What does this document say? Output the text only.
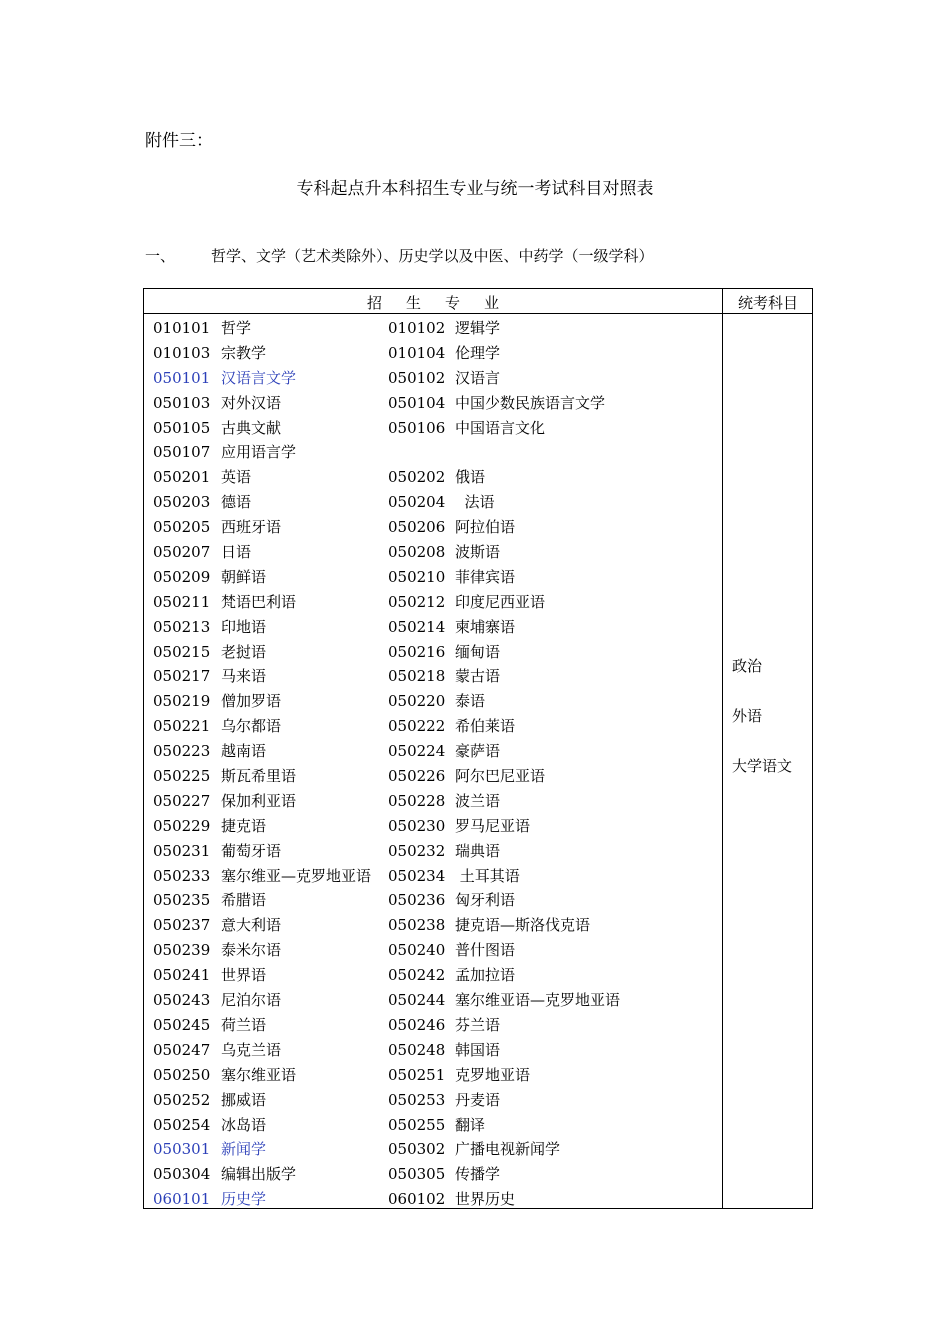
附件三：
专科起点升本科招生专业与统一考试科目对照表
一、 哲学、文学（艺术类除外）、历史学以及中医、中药学（一级学科）
招 生 专 业	统考科目
010101 哲学	010102 逻辑学
010103 宗教学	010104 伦理学
050101 汉语言文学	050102 汉语言
050103 对外汉语	050104 中国少数民族语言文学
050105 古典文献	050106 中国语言文化
050107 应用语言学
050201 英语	050202 俄语
050203 德语	050204 法语
050205 西班牙语	050206 阿拉伯语
050207 日语	050208 波斯语
050209 朝鲜语	050210 菲律宾语
050211 梵语巴利语	050212 印度尼西亚语
050213 印地语	050214 柬埔寨语
050215 老挝语	050216 缅甸语
050217 马来语	050218 蒙古语
050219 僧加罗语	050220 泰语
050221 乌尔都语	050222 希伯莱语
050223 越南语	050224 豪萨语
050225 斯瓦希里语	050226 阿尔巴尼亚语
050227 保加利亚语	050228 波兰语
050229 捷克语	050230 罗马尼亚语
050231 葡萄牙语	050232 瑞典语
050233 塞尔维亚—克罗地亚语 050234 土耳其语
050235 希腊语	050236 匈牙利语
050237 意大利语	050238 捷克语—斯洛伐克语
050239 泰米尔语	050240 普什图语
050241 世界语	050242 孟加拉语
050243 尼泊尔语	050244 塞尔维亚语—克罗地亚语
050245 荷兰语	050246 芬兰语
050247 乌克兰语	050248 韩国语
050250 塞尔维亚语	050251 克罗地亚语
050252 挪威语	050253 丹麦语
050254 冰岛语	050255 翻译
050301 新闻学	050302 广播电视新闻学
050304 编辑出版学	050305 传播学
060101 历史学	060102 世界历史
政治
外语
大学语文
